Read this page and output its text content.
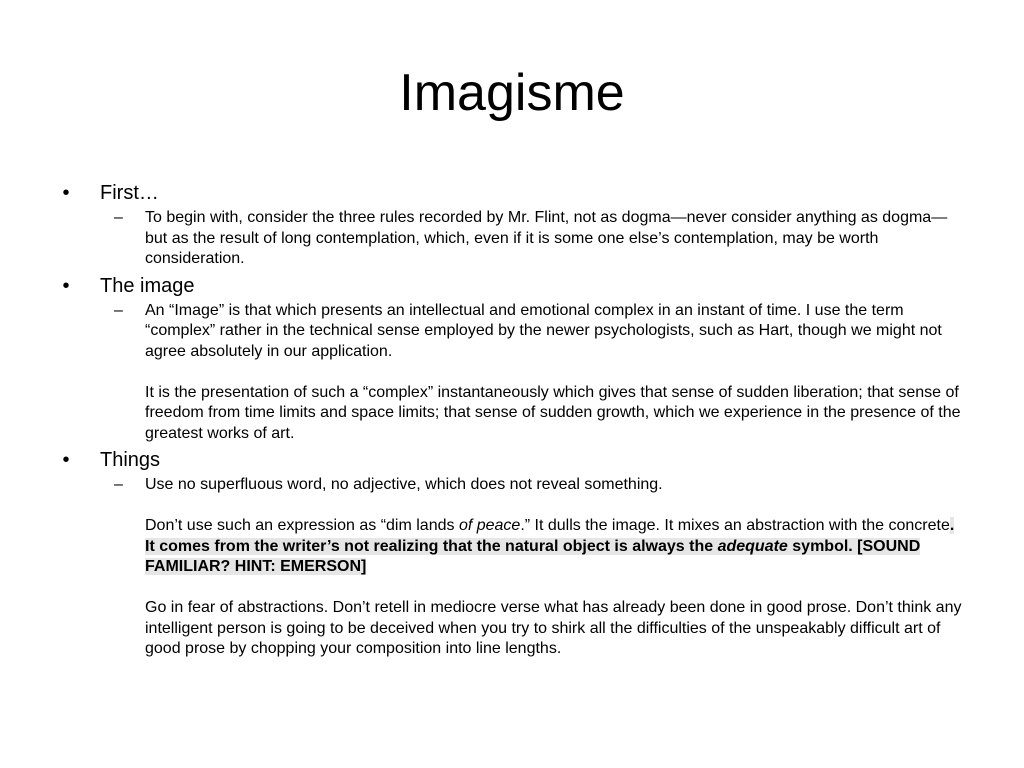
Imagisme
•	First…
– To begin with, consider the three rules recorded by Mr. Flint, not as dogma—never consider anything as dogma—but as the result of long contemplation, which, even if it is some one else’s contemplation, may be worth consideration.

•	The image
– An “Image” is that which presents an intellectual and emotional complex in an instant of time. I use the term “complex” rather in the technical sense employed by the newer psychologists, such as Hart, though we might not agree absolutely in our application.

It is the presentation of such a “complex” instantaneously which gives that sense of sudden liberation; that sense of freedom from time limits and space limits; that sense of sudden growth, which we experience in the presence of the greatest works of art.

•	Things
– Use no superfluous word, no adjective, which does not reveal something.

Don’t use such an expression as “dim lands of peace.” It dulls the image. It mixes an abstraction with the concrete. It comes from the writer’s not realizing that the natural object is always the adequate symbol. [SOUND FAMILIAR? HINT: EMERSON]

Go in fear of abstractions. Don’t retell in mediocre verse what has already been done in good prose. Don’t think any intelligent person is going to be deceived when you try to shirk all the difficulties of the unspeakably difficult art of good prose by chopping your composition into line lengths.
